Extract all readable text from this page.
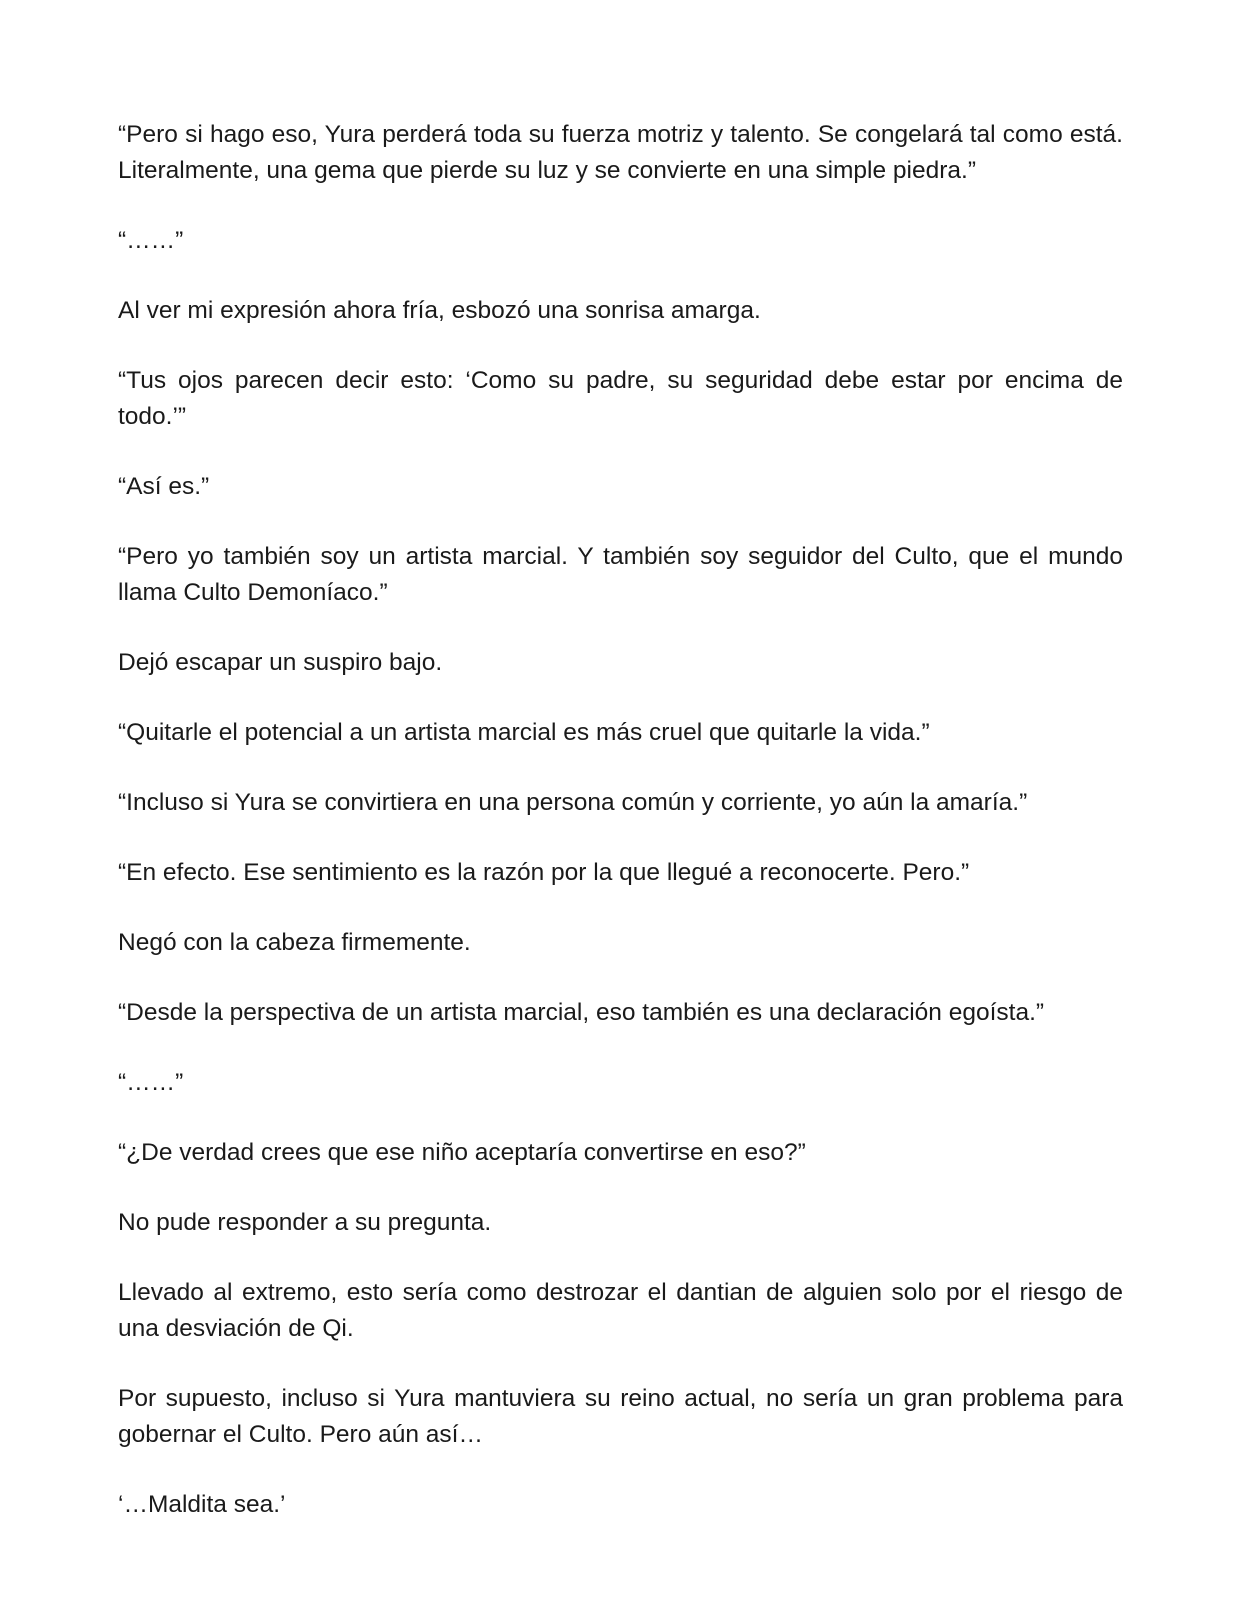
“Pero si hago eso, Yura perderá toda su fuerza motriz y talento. Se congelará tal como está. Literalmente, una gema que pierde su luz y se convierte en una simple piedra.”

“……”

Al ver mi expresión ahora fría, esbozó una sonrisa amarga.

“Tus ojos parecen decir esto: ‘Como su padre, su seguridad debe estar por encima de todo.’”

“Así es.”

“Pero yo también soy un artista marcial. Y también soy seguidor del Culto, que el mundo llama Culto Demoníaco.”

Dejó escapar un suspiro bajo.

“Quitarle el potencial a un artista marcial es más cruel que quitarle la vida.”

“Incluso si Yura se convirtiera en una persona común y corriente, yo aún la amaría.”

“En efecto. Ese sentimiento es la razón por la que llegué a reconocerte. Pero.”

Negó con la cabeza firmemente.

“Desde la perspectiva de un artista marcial, eso también es una declaración egoísta.”

“……”

“¿De verdad crees que ese niño aceptaría convertirse en eso?”

No pude responder a su pregunta.

Llevado al extremo, esto sería como destrozar el dantian de alguien solo por el riesgo de una desviación de Qi.

Por supuesto, incluso si Yura mantuviera su reino actual, no sería un gran problema para gobernar el Culto. Pero aún así…

‘…Maldita sea.’
